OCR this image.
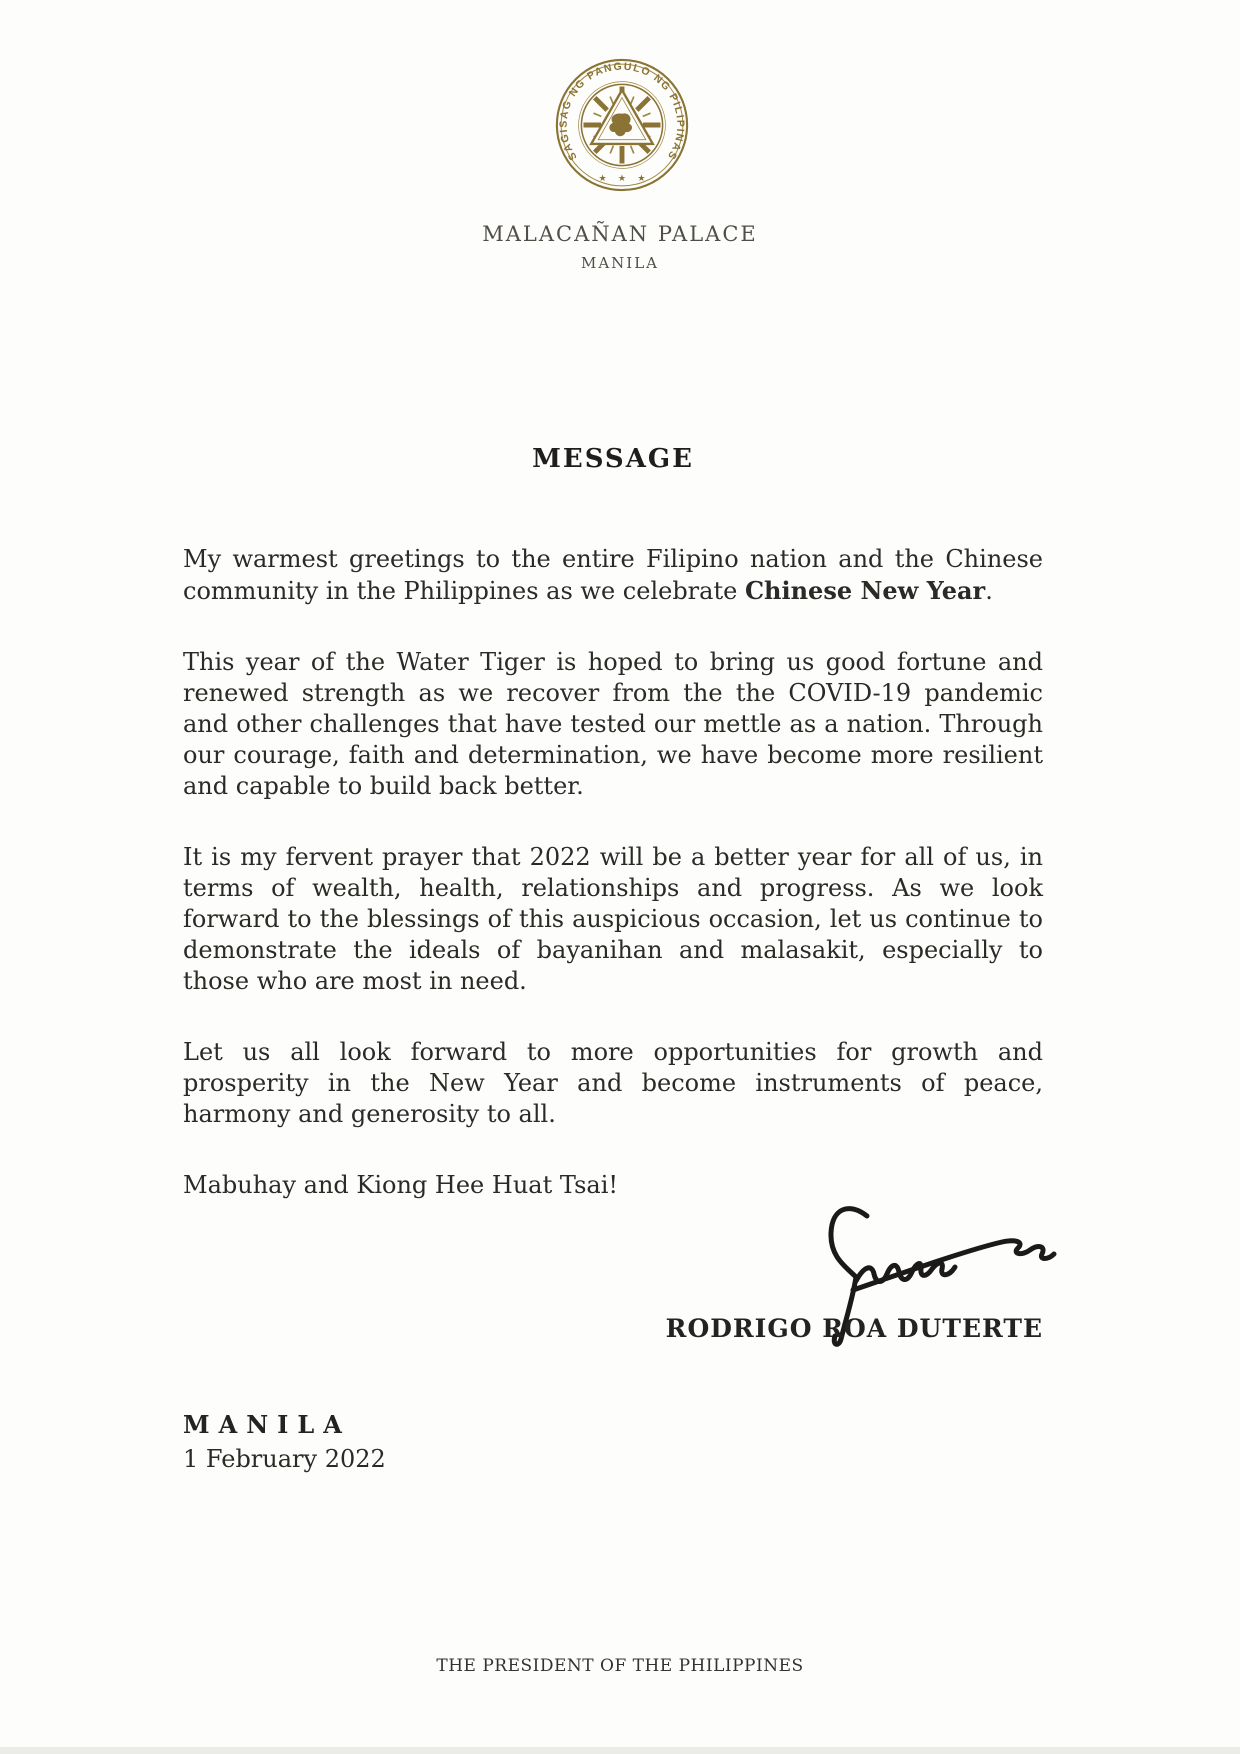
SAGISAG NG PANGULO NG PILIPINAS
★ ★ ★
MALACAÑAN PALACE
MANILA
MESSAGE

My warmest greetings to the entire Filipino nation and the Chinese community in the Philippines as we celebrate Chinese New Year.

This year of the Water Tiger is hoped to bring us good fortune and renewed strength as we recover from the the COVID-19 pandemic and other challenges that have tested our mettle as a nation. Through our courage, faith and determination, we have become more resilient and capable to build back better.

It is my fervent prayer that 2022 will be a better year for all of us, in terms of wealth, health, relationships and progress. As we look forward to the blessings of this auspicious occasion, let us continue to demonstrate the ideals of bayanihan and malasakit, especially to those who are most in need.

Let us all look forward to more opportunities for growth and prosperity in the New Year and become instruments of peace, harmony and generosity to all.

Mabuhay and Kiong Hee Huat Tsai!

RODRIGO ROA DUTERTE
MANILA
1 February 2022
THE PRESIDENT OF THE PHILIPPINES
